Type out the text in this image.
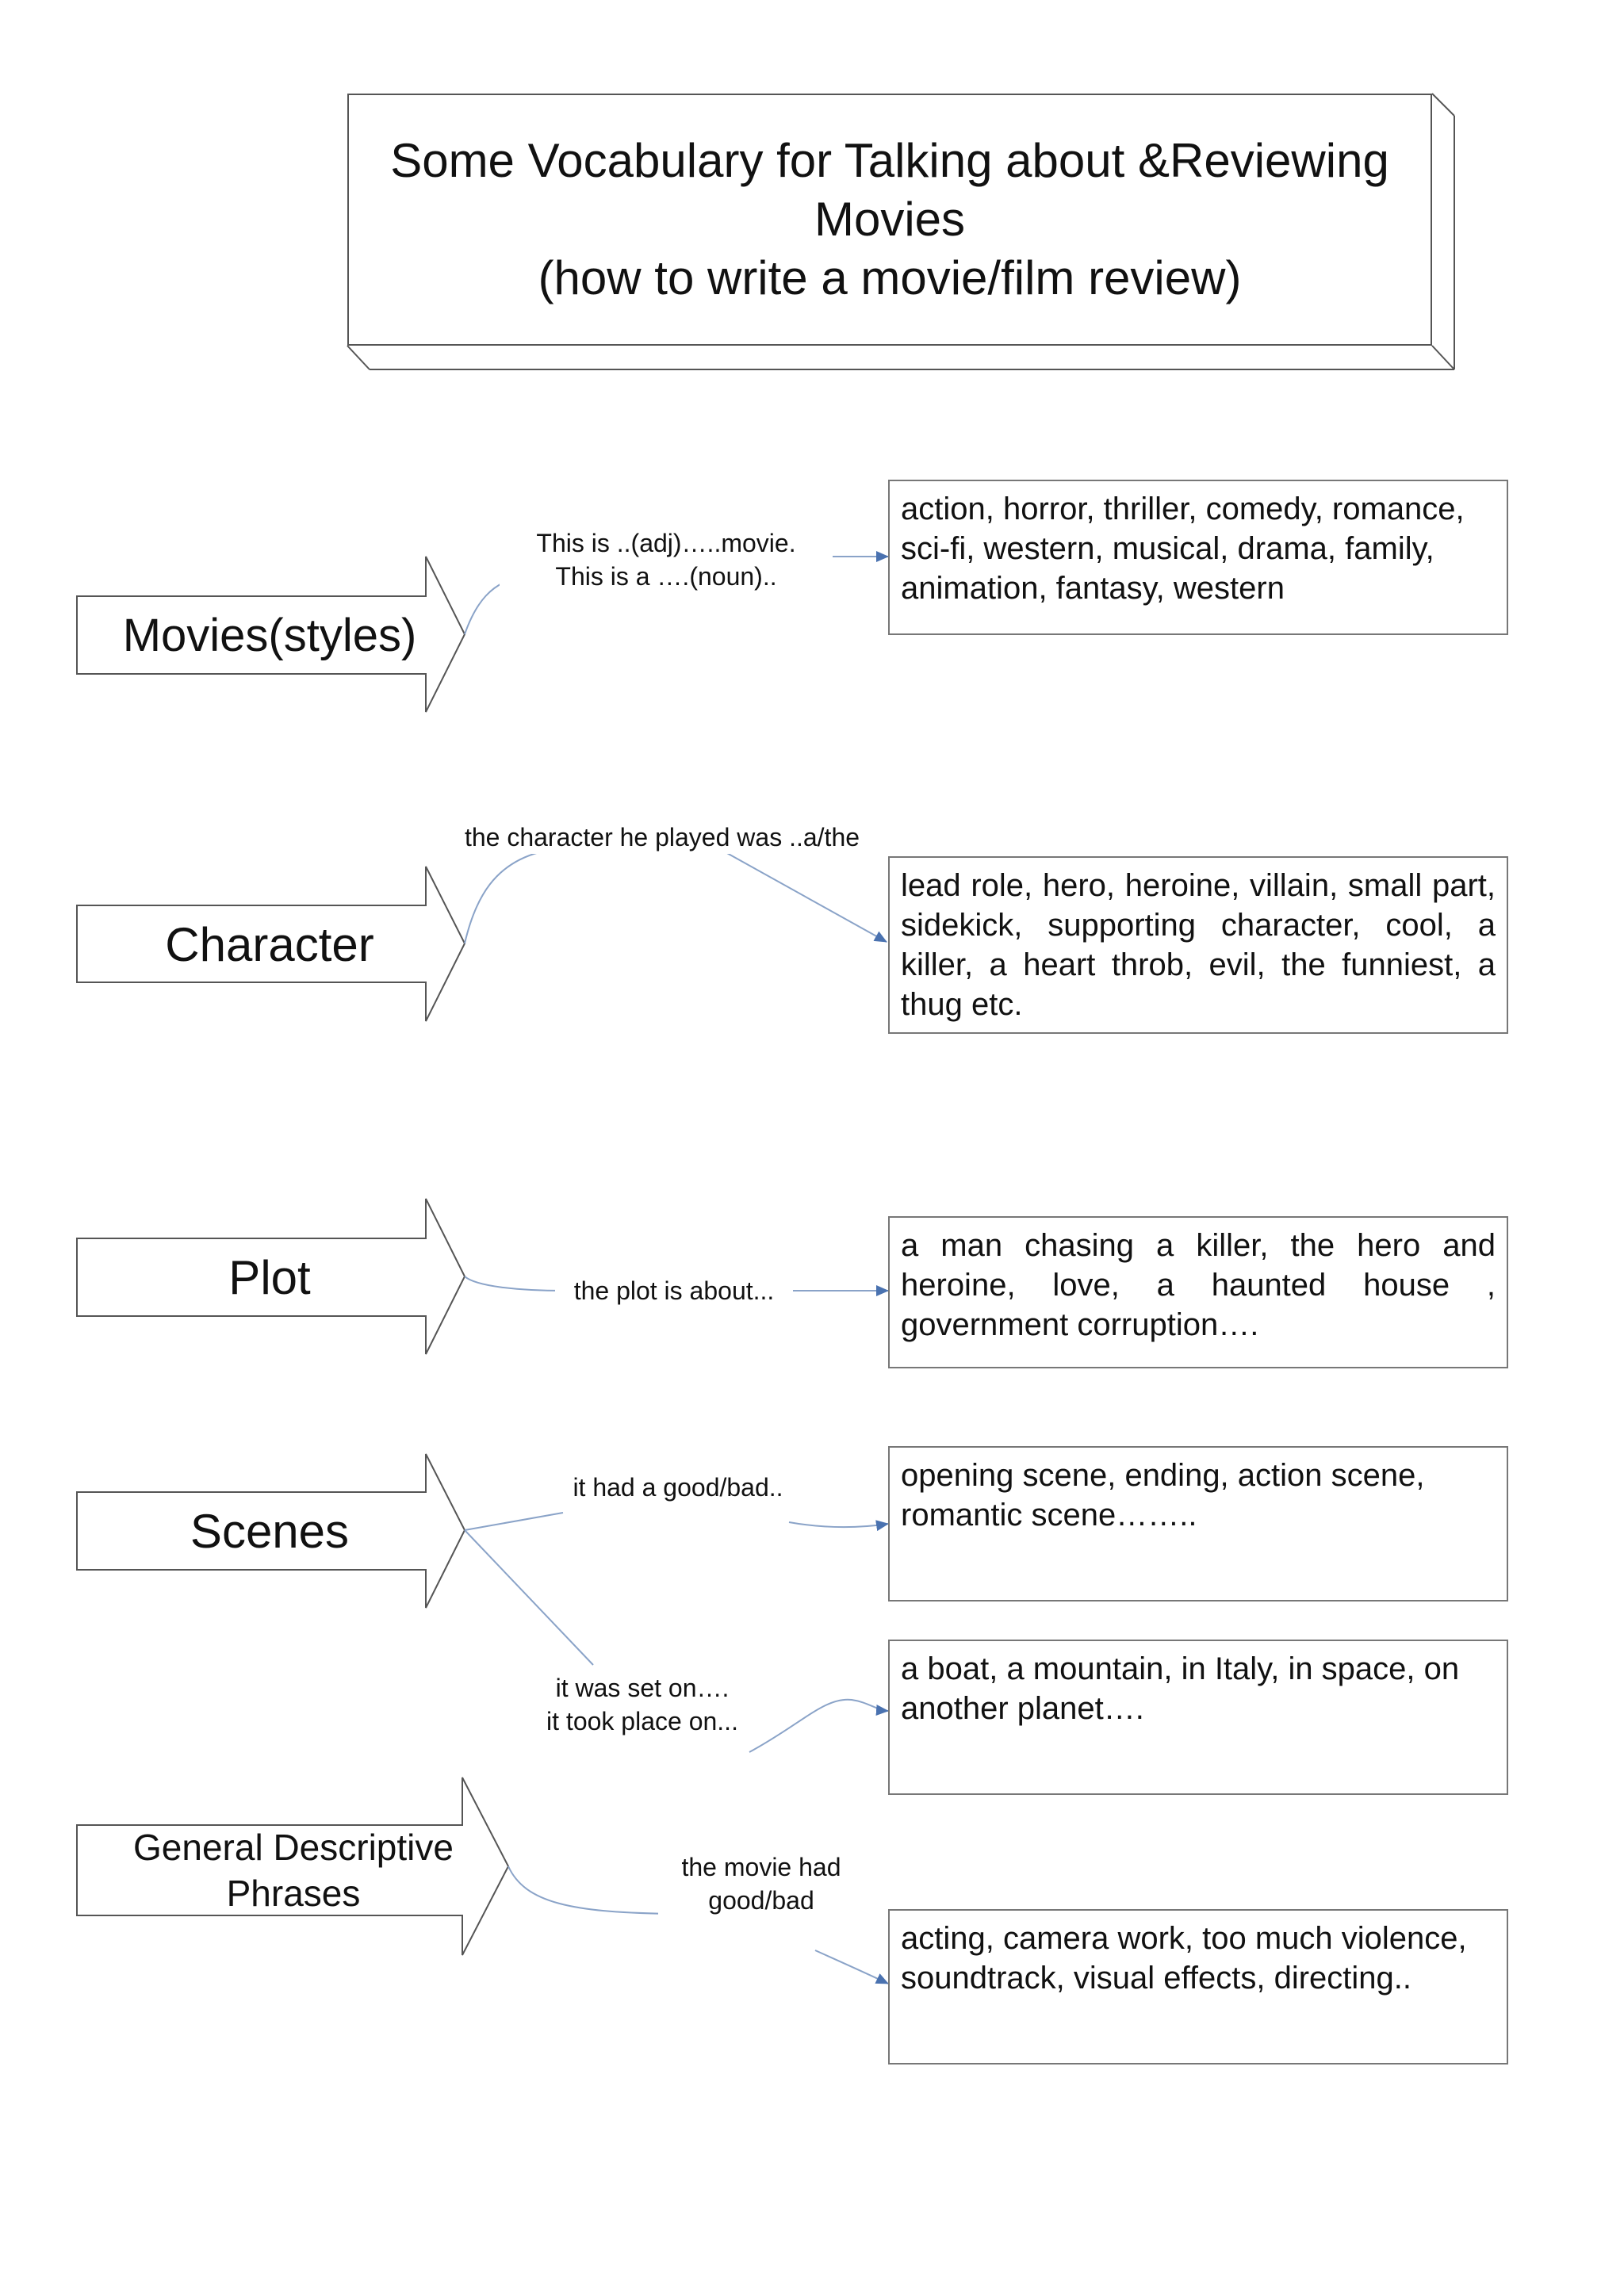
Some Vocabulary for Talking about &Reviewing
Movies
(how to write a movie/film review)
Movies(styles)
This is ..(adj)…..movie.
This is a ….(noun)..
action, horror, thriller, comedy, romance, sci-fi, western, musical, drama, family, animation, fantasy, western
Character
the character he played was ..a/the
lead role, hero, heroine, villain, small part, sidekick, supporting character, cool, a killer, a heart throb, evil, the funniest, a thug etc.
Plot	the plot is about...
a man chasing a killer, the hero and heroine, love, a haunted house , government corruption….
Scenes
it had a good/bad..	opening scene, ending, action scene, romantic scene……..
it was set on….
it took place on...
a boat, a mountain, in Italy, in space, on another planet….
General Descriptive Phrases
the movie had
good/bad
acting, camera work, too much violence, soundtrack, visual effects, directing..
